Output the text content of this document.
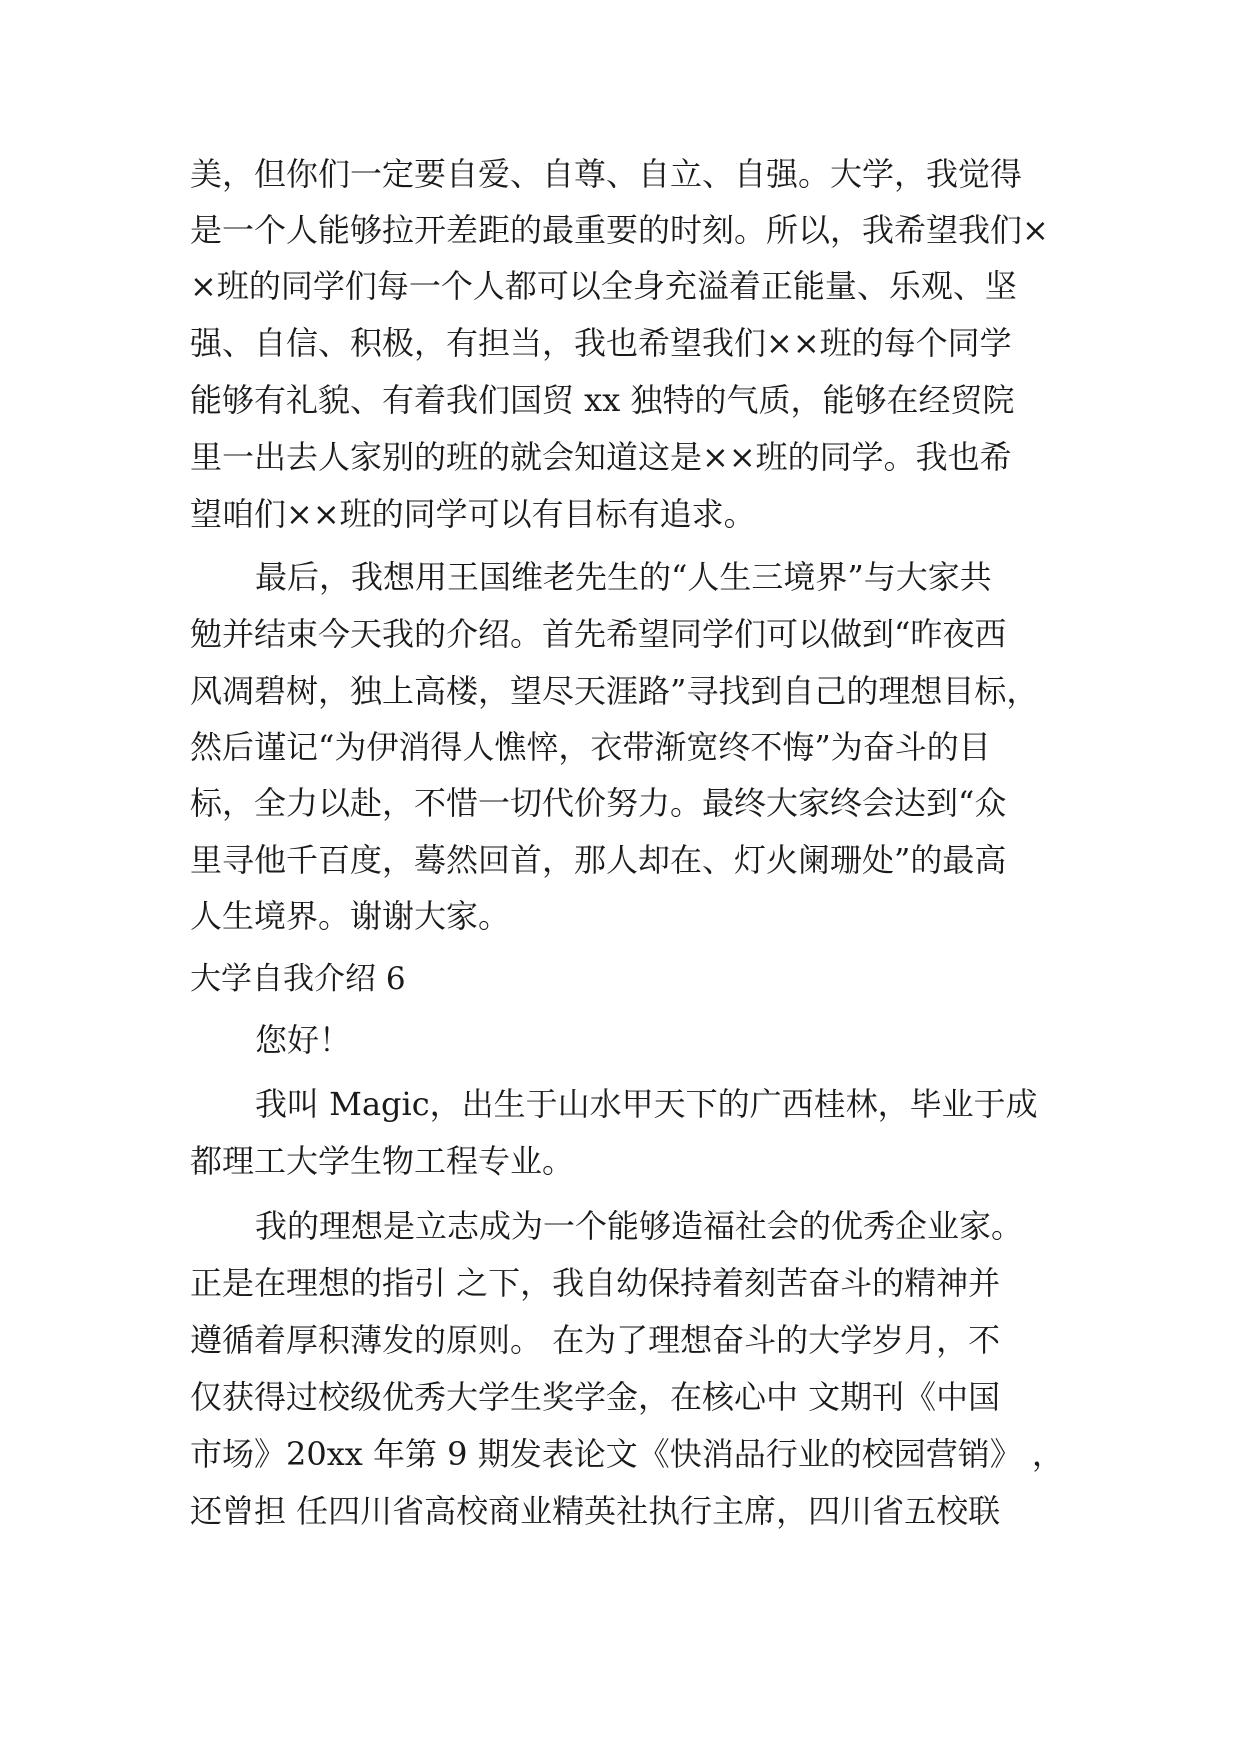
美，但你们一定要自爱、自尊、自立、自强。大学，我觉得
是一个人能够拉开差距的最重要的时刻。所以，我希望我们×
×班的同学们每一个人都可以全身充溢着正能量、乐观、坚
强、自信、积极，有担当，我也希望我们××班的每个同学
能够有礼貌、有着我们国贸 xx 独特的气质，能够在经贸院
里一出去人家别的班的就会知道这是××班的同学。我也希
望咱们××班的同学可以有目标有追求。
最后，我想用王国维老先生的“人生三境界”与大家共
勉并结束今天我的介绍。首先希望同学们可以做到“昨夜西
风凋碧树，独上高楼，望尽天涯路”寻找到自己的理想目标，
然后谨记“为伊消得人憔悴，衣带渐宽终不悔”为奋斗的目
标，全力以赴，不惜一切代价努力。最终大家终会达到“众
里寻他千百度，蓦然回首，那人却在、灯火阑珊处”的最高
人生境界。谢谢大家。
大学自我介绍 6
您好！
我叫 Magic，出生于山水甲天下的广西桂林，毕业于成
都理工大学生物工程专业。
我的理想是立志成为一个能够造福社会的优秀企业家。
正是在理想的指引 之下，我自幼保持着刻苦奋斗的精神并
遵循着厚积薄发的原则。 在为了理想奋斗的大学岁月，不
仅获得过校级优秀大学生奖学金，在核心中 文期刊《中国
市场》20xx 年第 9 期发表论文《快消品行业的校园营销》 ，
还曾担 任四川省高校商业精英社执行主席，四川省五校联
